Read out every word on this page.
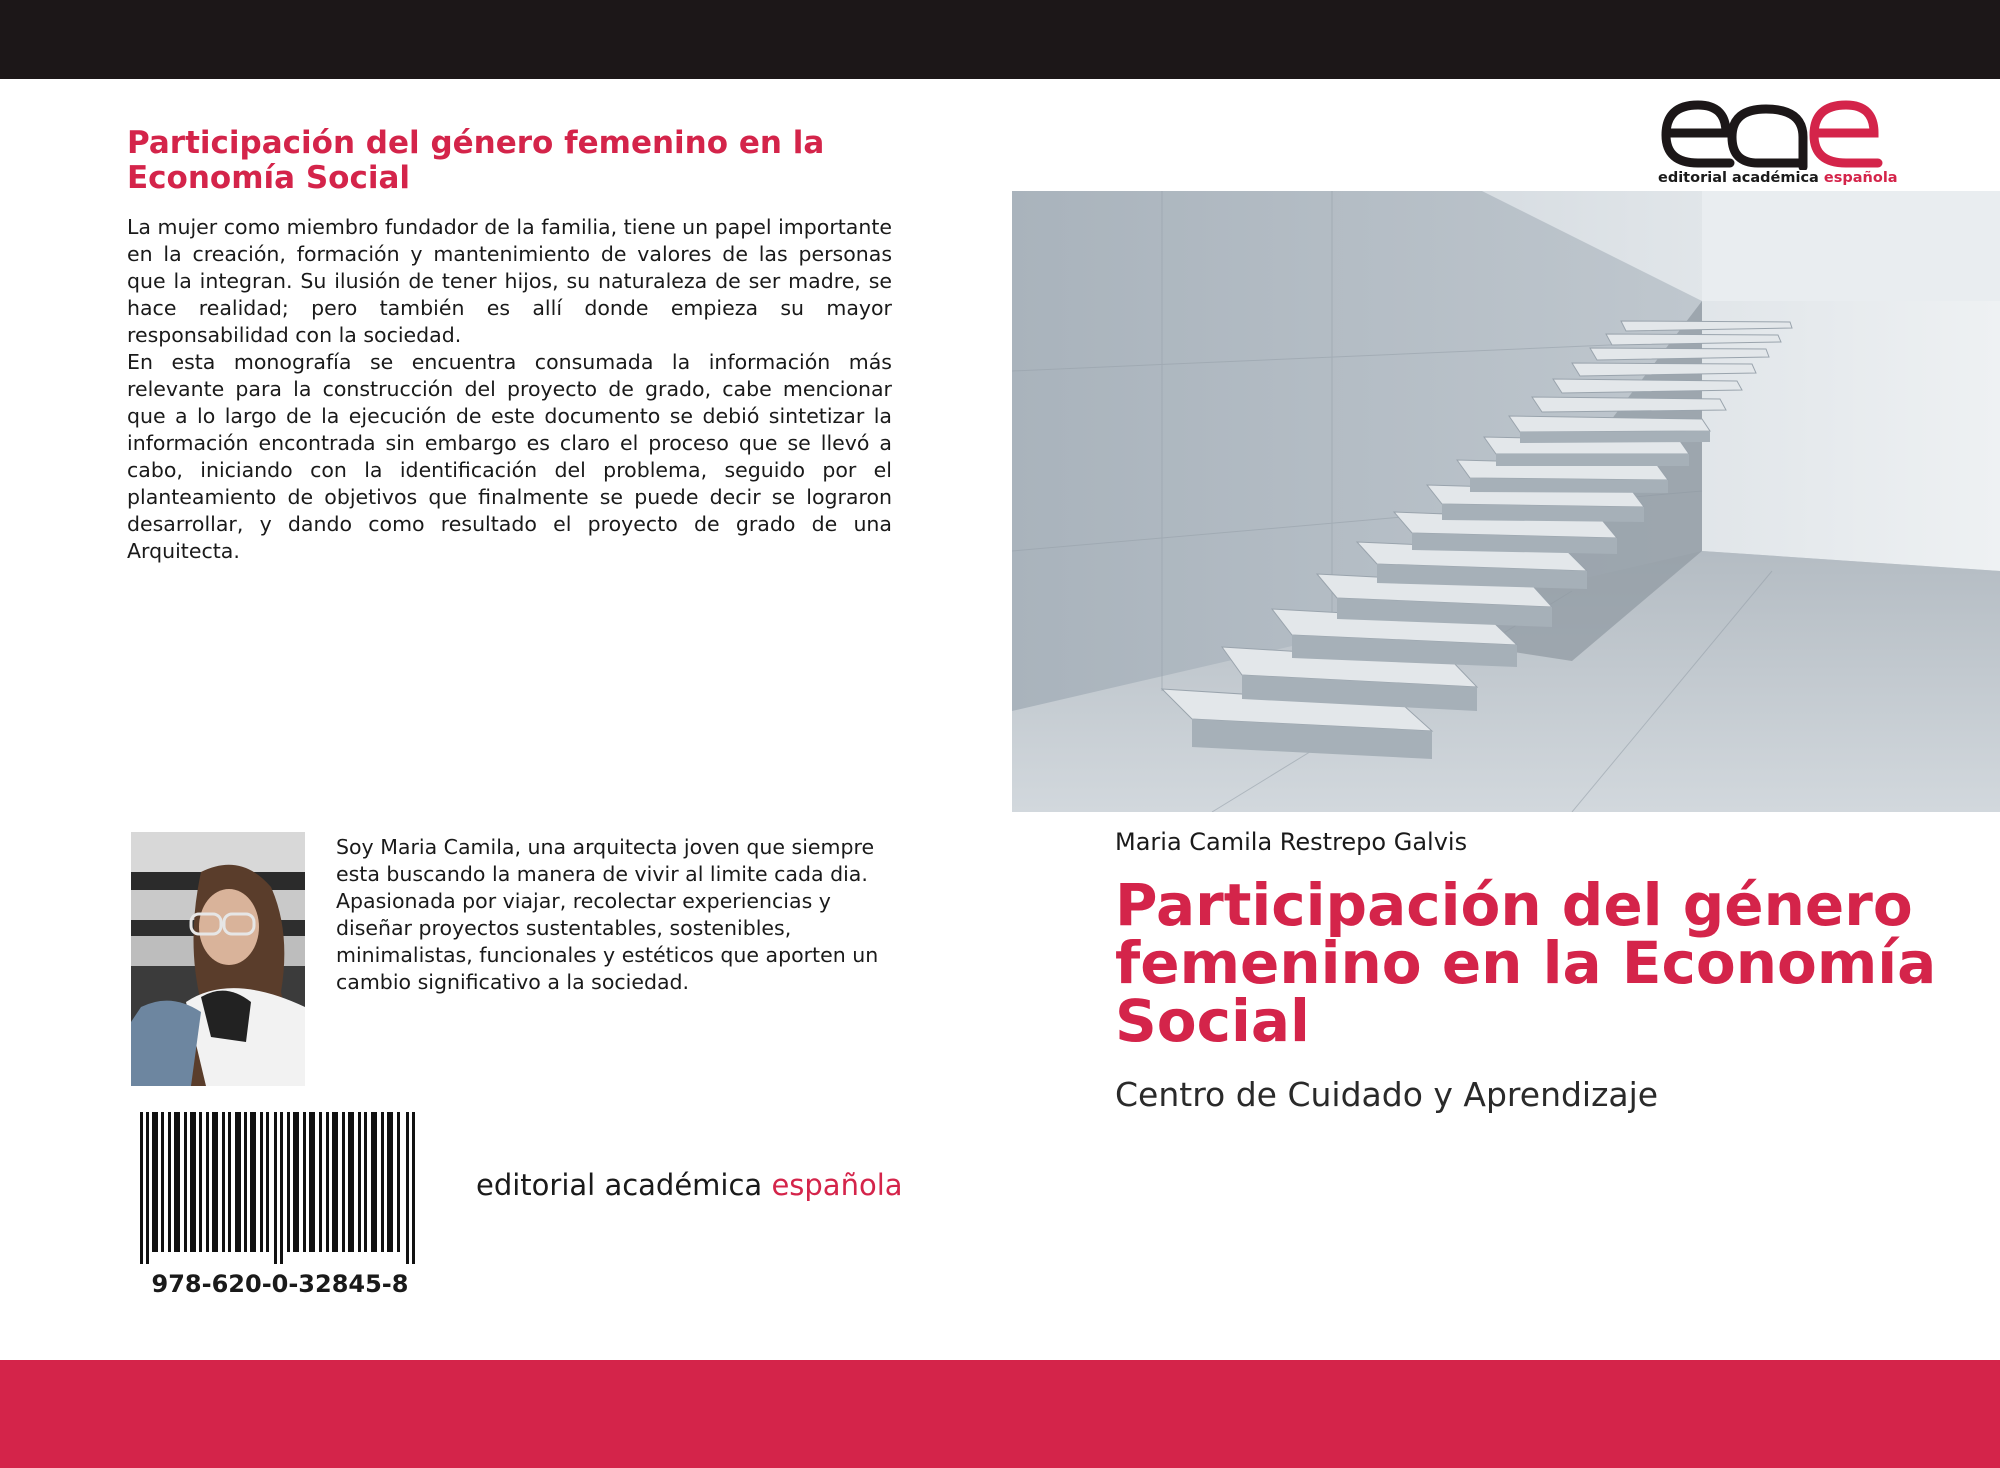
Participación del género femenino en la Economía Social

La mujer como miembro fundador de la familia, tiene un papel importante en la creación, formación y mantenimiento de valores de las personas que la integran. Su ilusión de tener hijos, su naturaleza de ser madre, se hace realidad; pero también es allí donde empieza su mayor responsabilidad con la sociedad.

En esta monografía se encuentra consumada la información más relevante para la construcción del proyecto de grado, cabe mencionar que a lo largo de la ejecución de este documento se debió sintetizar la información encontrada sin embargo es claro el proceso que se llevó a cabo, iniciando con la identificación del problema, seguido por el planteamiento de objetivos que finalmente se puede decir se lograron desarrollar, y dando como resultado el proyecto de grado de una Arquitecta.

Soy Maria Camila, una arquitecta joven que siempre esta buscando la manera de vivir al limite cada dia. Apasionada por viajar, recolectar experiencias y diseñar proyectos sustentables, sostenibles, minimalistas, funcionales y estéticos que aporten un cambio significativo a la sociedad.

978-620-0-32845-8
editorial académica española
editorial académica española
Maria Camila Restrepo Galvis
Participación del género femenino en la Economía Social
Centro de Cuidado y Aprendizaje
